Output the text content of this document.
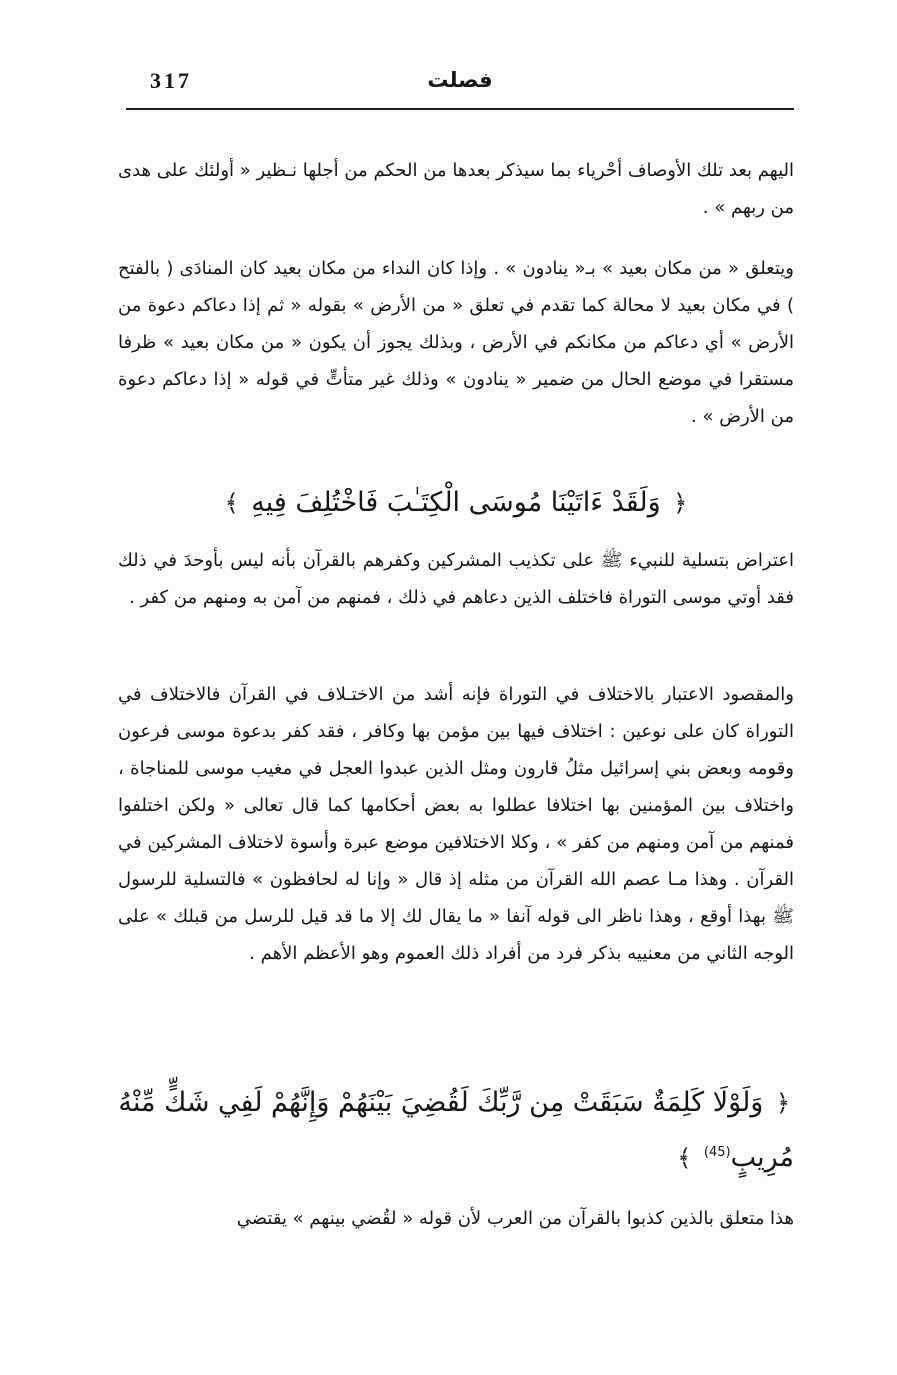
317	فصلت

اليهم بعد تلك الأوصاف أحْرياء بما سيذكر بعدها من الحكم من أجلها نـظير « أولئك على هدى من ربهم » .

ويتعلق « من مكان بعيد » بـ« ينادون » . وإذا كان النداء من مكان بعيد كان المنادَى ( بالفتح ) في مكان بعيد لا محالة كما تقدم في تعلق « من الأرض » بقوله « ثم إذا دعاكم دعوة من الأرض » أي دعاكم من مكانكم في الأرض ، وبذلك يجوز أن يكون « من مكان بعيد » ظرفا مستقرا في موضع الحال من ضمير « ينادون » وذلك غير متأتٍّ في قوله « إذا دعاكم دعوة من الأرض » .

﴿ وَلَقَدْ ءَاتَيْنَا مُوسَى الْكِتَـٰبَ فَاخْتُلِفَ فِيهِ ﴾

اعتراض بتسلية للنبيء ﷺ على تكذيب المشركين وكفرهم بالقرآن بأنه ليس بأوحدَ في ذلك فقد أوتي موسى التوراة فاختلف الذين دعاهم في ذلك ، فمنهم من آمن به ومنهم من كفر .

والمقصود الاعتبار بالاختلاف في التوراة فإنه أشد من الاختـلاف في القرآن فالاختلاف في التوراة كان على نوعين : اختلاف فيها بين مؤمن بها وكافر ، فقد كفر بدعوة موسى فرعون وقومه وبعض بني إسرائيل مثلُ قارون ومثل الذين عبدوا العجل في مغيب موسى للمناجاة ، واختلاف بين المؤمنين بها اختلافا عطلوا به بعض أحكامها كما قال تعالى « ولكن اختلفوا فمنهم من آمن ومنهم من كفر » ، وكلا الاختلافين موضع عبرة وأسوة لاختلاف المشركين في القرآن . وهذا مـا عصم الله القرآن من مثله إذ قال « وإنا له لحافظون » فالتسلية للرسول ﷺ بهذا أوقع ، وهذا ناظر الى قوله آنفا « ما يقال لك إلا ما قد قيل للرسل من قبلك » على الوجه الثاني من معنييه بذكر فرد من أفراد ذلك العموم وهو الأعظم الأهم .

﴿ وَلَوْلَا كَلِمَةٌ سَبَقَتْ مِن رَّبِّكَ لَقُضِيَ بَيْنَهُمْ وَإِنَّهُمْ لَفِي شَكٍّ مِّنْهُ مُرِيبٍ$^{(45)}$ ﴾

هذا متعلق بالذين كذبوا بالقرآن من العرب لأن قوله « لقُضي بينهم » يقتضي
